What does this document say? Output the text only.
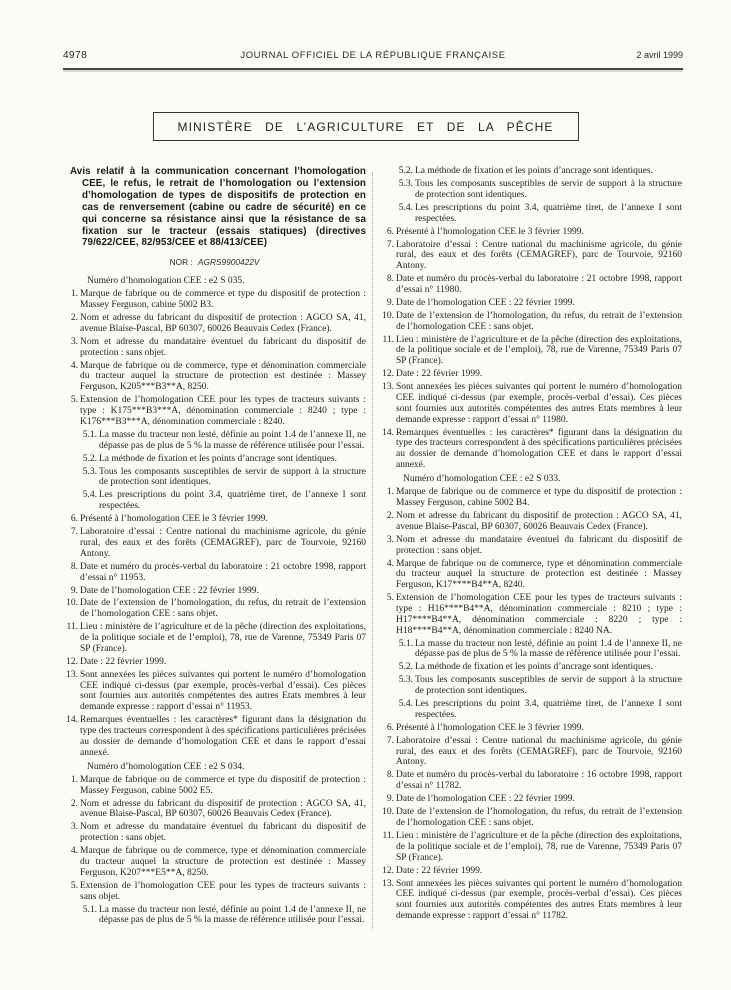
4978	JOURNAL OFFICIEL DE LA RÉPUBLIQUE FRANÇAISE	2 avril 1999
MINISTÈRE DE L’AGRICULTURE ET DE LA PÊCHE
Avis relatif à la communication concernant l’homologation CEE, le refus, le retrait de l’homologation ou l’extension d’homologation de types de dispositifs de protection en cas de renversement (cabine ou cadre de sécurité) en ce qui concerne sa résistance ainsi que la résistance de sa fixation sur le tracteur (essais statiques) (directives 79/622/CEE, 82/953/CEE et 88/413/CEE)
NOR : AGRS9900422V

Numéro d’homologation CEE : e2 S 035.

1. Marque de fabrique ou de commerce et type du dispositif de protection : Massey Ferguson, cabine 5002 B3.

2. Nom et adresse du fabricant du dispositif de protection : AGCO SA, 41, avenue Blaise-Pascal, BP 60307, 60026 Beauvais Cedex (France).

3. Nom et adresse du mandataire éventuel du fabricant du dispositif de protection : sans objet.

4. Marque de fabrique ou de commerce, type et dénomination commerciale du tracteur auquel la structure de protection est destinée : Massey Ferguson, K205***B3**A, 8250.

5. Extension de l’homologation CEE pour les types de tracteurs suivants : type : K175***B3***A, dénomination commerciale : 8240 ; type : K176***B3***A, dénomination commerciale : 8240.

5.1. La masse du tracteur non lesté, définie au point 1.4 de l’annexe II, ne dépasse pas de plus de 5 % la masse de référence utilisée pour l’essai.

5.2. La méthode de fixation et les points d’ancrage sont identiques.

5.3. Tous les composants susceptibles de servir de support à la structure de protection sont identiques.

5.4. Les prescriptions du point 3.4, quatrième tiret, de l’annexe I sont respectées.

6. Présenté à l’homologation CEE le 3 février 1999.

7. Laboratoire d’essai : Centre national du machinisme agricole, du génie rural, des eaux et des forêts (CEMAGREF), parc de Tourvoie, 92160 Antony.

8. Date et numéro du procès-verbal du laboratoire : 21 octobre 1998, rapport d’essai n° 11953.

9. Date de l’homologation CEE : 22 février 1999.

10. Date de l’extension de l’homologation, du refus, du retrait de l’extension de l’homologation CEE : sans objet.

11. Lieu : ministère de l’agriculture et de la pêche (direction des exploitations, de la politique sociale et de l’emploi), 78, rue de Varenne, 75349 Paris 07 SP (France).

12. Date : 22 février 1999.

13. Sont annexées les pièces suivantes qui portent le numéro d’homologation CEE indiqué ci-dessus (par exemple, procès-verbal d’essai). Ces pièces sont fournies aux autorités compétentes des autres Etats membres à leur demande expresse : rapport d’essai n° 11953.

14. Remarques éventuelles : les caractères* figurant dans la désignation du type des tracteurs correspondent à des spécifications particulières précisées au dossier de demande d’homologation CEE et dans le rapport d’essai annexé.

Numéro d’homologation CEE : e2 S 034.

1. Marque de fabrique ou de commerce et type du dispositif de protection : Massey Ferguson, cabine 5002 E5.

2. Nom et adresse du fabricant du dispositif de protection : AGCO SA, 41, avenue Blaise-Pascal, BP 60307, 60026 Beauvais Cedex (France).

3. Nom et adresse du mandataire éventuel du fabricant du dispositif de protection : sans objet.

4. Marque de fabrique ou de commerce, type et dénomination commerciale du tracteur auquel la structure de protection est destinée : Massey Ferguson, K207***E5**A, 8250.

5. Extension de l’homologation CEE pour les types de tracteurs suivants : sans objet.

5.1. La masse du tracteur non lesté, définie au point 1.4 de l’annexe II, ne dépasse pas de plus de 5 % la masse de référence utilisée pour l’essai.

5.2. La méthode de fixation et les points d’ancrage sont identiques.

5.3. Tous les composants susceptibles de servir de support à la structure de protection sont identiques.

5.4. Les prescriptions du point 3.4, quatrième tiret, de l’annexe I sont respectées.

6. Présenté à l’homologation CEE le 3 février 1999.

7. Laboratoire d’essai : Centre national du machinisme agricole, du génie rural, des eaux et des forêts (CEMAGREF), parc de Tourvoie, 92160 Antony.

8. Date et numéro du procès-verbal du laboratoire : 21 octobre 1998, rapport d’essai n° 11980.

9. Date de l’homologation CEE : 22 février 1999.

10. Date de l’extension de l’homologation, du refus, du retrait de l’extension de l’homologation CEE : sans objet.

11. Lieu : ministère de l’agriculture et de la pêche (direction des exploitations, de la politique sociale et de l’emploi), 78, rue de Varenne, 75349 Paris 07 SP (France).

12. Date : 22 février 1999.

13. Sont annexées les pièces suivantes qui portent le numéro d’homologation CEE indiqué ci-dessus (par exemple, procès-verbal d’essai). Ces pièces sont fournies aux autorités compétentes des autres Etats membres à leur demande expresse : rapport d’essai n° 11980.

14. Remarques éventuelles : les caractères* figurant dans la désignation du type des tracteurs correspondent à des spécifications particulières précisées au dossier de demande d’homologation CEE et dans le rapport d’essai annexé.

Numéro d’homologation CEE : e2 S 033.

1. Marque de fabrique ou de commerce et type du dispositif de protection : Massey Ferguson, cabine 5002 B4.

2. Nom et adresse du fabricant du dispositif de protection : AGCO SA, 41, avenue Blaise-Pascal, BP 60307, 60026 Beauvais Cedex (France).

3. Nom et adresse du mandataire éventuel du fabricant du dispositif de protection : sans objet.

4. Marque de fabrique ou de commerce, type et dénomination commerciale du tracteur auquel la structure de protection est destinée : Massey Ferguson, K17****B4**A, 8240.

5. Extension de l’homologation CEE pour les types de tracteurs suivants : type : H16****B4**A, dénomination commerciale : 8210 ; type : H17****B4**A, dénomination commerciale : 8220 ; type : H18****B4**A, dénomination commerciale : 8240 NA.

5.1. La masse du tracteur non lesté, définie au point 1.4 de l’annexe II, ne dépasse pas de plus de 5 % la masse de référence utilisée pour l’essai.

5.2. La méthode de fixation et les points d’ancrage sont identiques.

5.3. Tous les composants susceptibles de servir de support à la structure de protection sont identiques.

5.4. Les prescriptions du point 3.4, quatrième tiret, de l’annexe I sont respectées.

6. Présenté à l’homologation CEE le 3 février 1999.

7. Laboratoire d’essai : Centre national du machinisme agricole, du génie rural, des eaux et des forêts (CEMAGREF), parc de Tourvoie, 92160 Antony.

8. Date et numéro du procès-verbal du laboratoire : 16 octobre 1998, rapport d’essai n° 11782.

9. Date de l’homologation CEE : 22 février 1999.

10. Date de l’extension de l’homologation, du refus, du retrait de l’extension de l’homologation CEE : sans objet.

11. Lieu : ministère de l’agriculture et de la pêche (direction des exploitations, de la politique sociale et de l’emploi), 78, rue de Varenne, 75349 Paris 07 SP (France).

12. Date : 22 février 1999.

13. Sont annexées les pièces suivantes qui portent le numéro d’homologation CEE indiqué ci-dessus (par exemple, procès-verbal d’essai). Ces pièces sont fournies aux autorités compétentes des autres Etats membres à leur demande expresse : rapport d’essai n° 11782.
